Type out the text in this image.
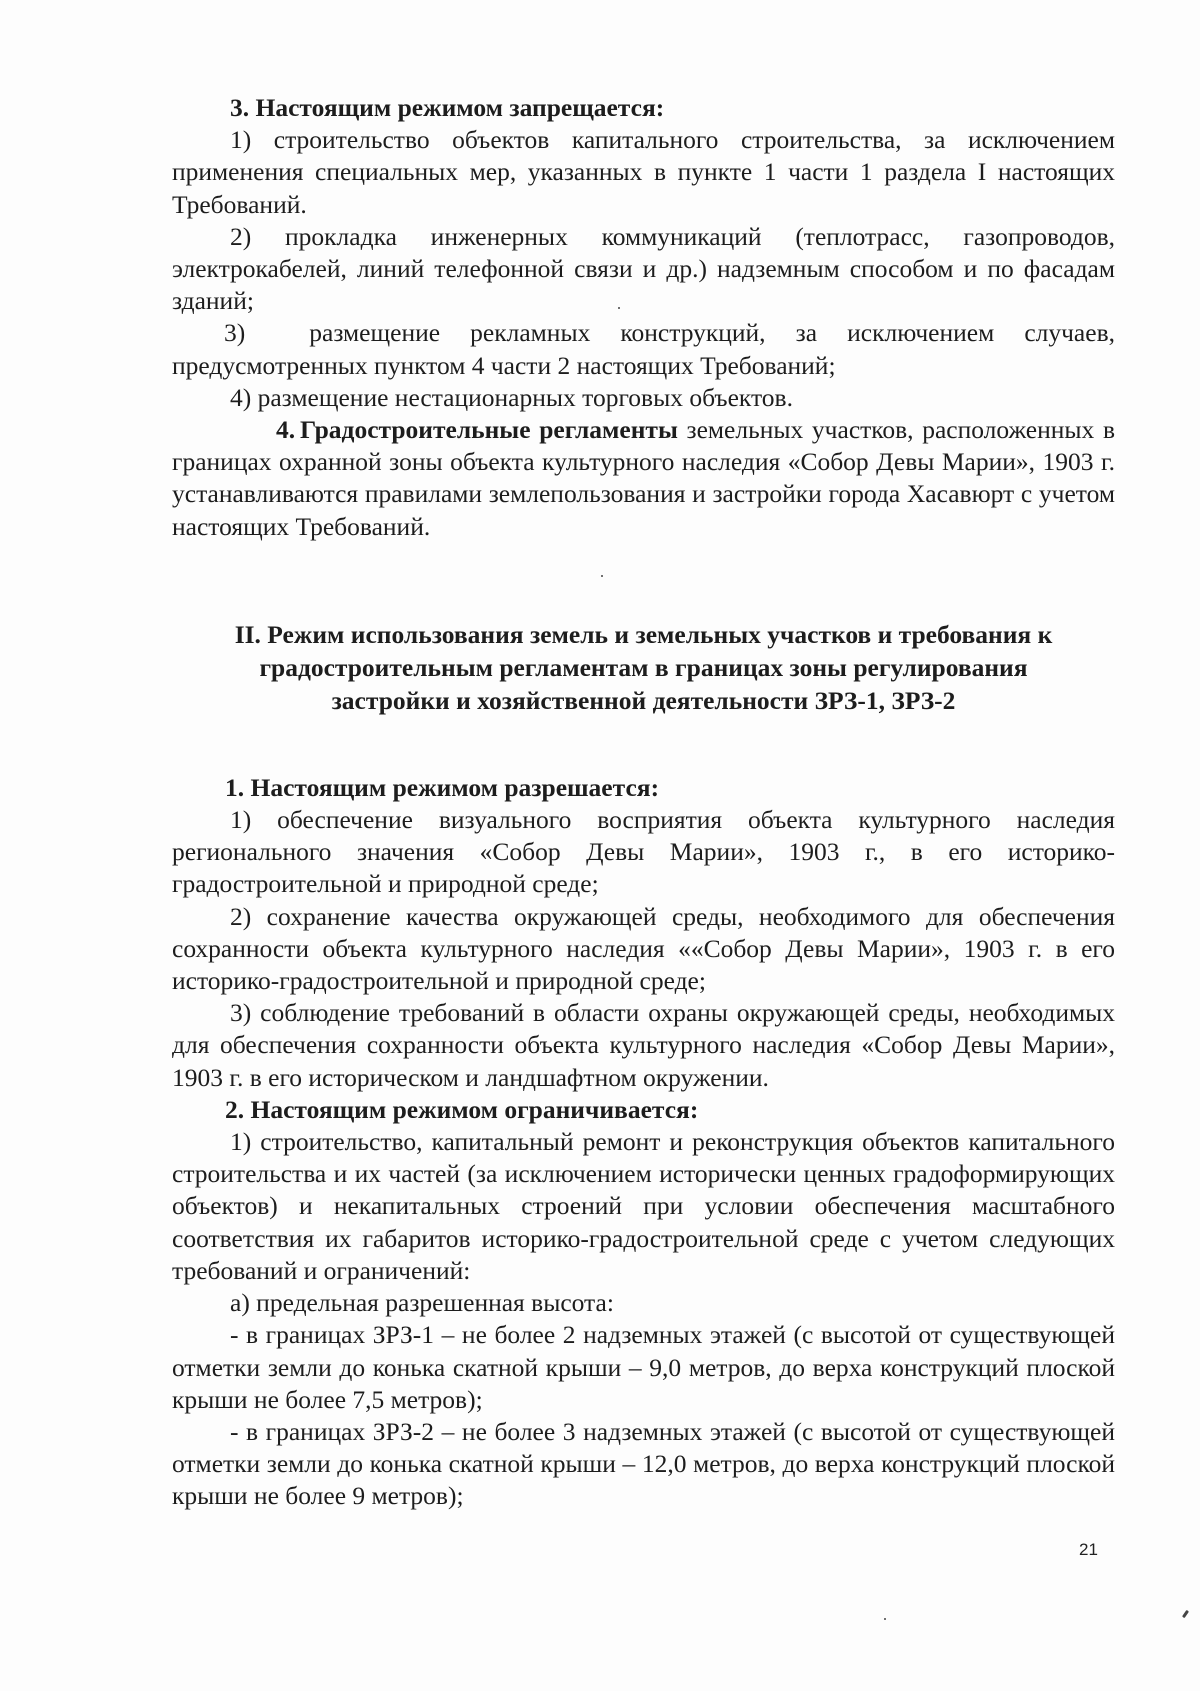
3. Настоящим режимом запрещается:

1) строительство объектов капитального строительства, за исключением применения специальных мер, указанных в пункте 1 части 1 раздела I настоящих Требований.

2) прокладка инженерных коммуникаций (теплотрасс, газопроводов, электрокабелей, линий телефонной связи и др.) надземным способом и по фасадам зданий;

3)	размещение рекламных конструкций, за исключением случаев, предусмотренных пунктом 4 части 2 настоящих Требований;

4) размещение нестационарных торговых объектов.

4. Градостроительные регламенты земельных участков, расположенных в границах охранной зоны объекта культурного наследия «Собор Девы Марии», 1903 г. устанавливаются правилами землепользования и застройки города Хасавюрт с учетом настоящих Требований.

II. Режим использования земель и земельных участков и требования к

градостроительным регламентам в границах зоны регулирования

застройки и хозяйственной деятельности ЗРЗ-1, ЗРЗ-2

1. Настоящим режимом разрешается:

1) обеспечение визуального восприятия объекта культурного наследия регионального значения «Собор Девы Марии», 1903 г., в его историко-градостроительной и природной среде;

2) сохранение качества окружающей среды, необходимого для обеспечения сохранности объекта культурного наследия ««Собор Девы Марии», 1903 г. в его историко-градостроительной и природной среде;

3) соблюдение требований в области охраны окружающей среды, необходимых для обеспечения сохранности объекта культурного наследия «Собор Девы Марии», 1903 г. в его историческом и ландшафтном окружении.

2. Настоящим режимом ограничивается:

1) строительство, капитальный ремонт и реконструкция объектов капитального строительства и их частей (за исключением исторически ценных градоформирующих объектов) и некапитальных строений при условии обеспечения масштабного соответствия их габаритов историко-градостроительной среде с учетом следующих требований и ограничений:

а) предельная разрешенная высота:

- в границах ЗРЗ-1 – не более 2 надземных этажей (с высотой от существующей отметки земли до конька скатной крыши – 9,0 метров, до верха конструкций плоской крыши не более 7,5 метров);

- в границах ЗРЗ-2 – не более 3 надземных этажей (с высотой от существующей отметки земли до конька скатной крыши – 12,0 метров, до верха конструкций плоской крыши не более 9 метров);

21
